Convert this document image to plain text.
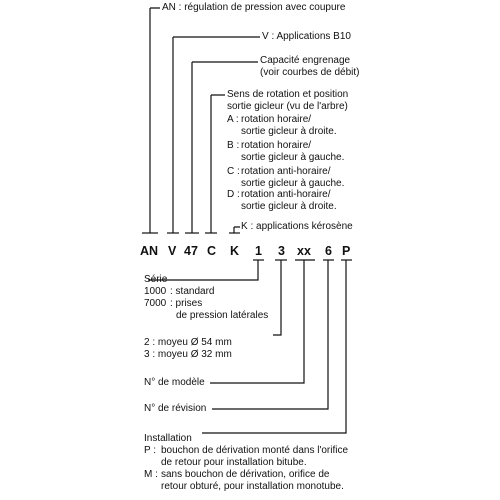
AN : régulation de pression avec coupure
V : Applications B10
Capacité engrenage
(voir courbes de débit)
Sens de rotation et position
sortie gicleur (vu de l'arbre)
A : rotation horaire/
sortie gicleur à droite.
B : rotation horaire/
sortie gicleur à gauche.
C : rotation anti-horaire/
sortie gicleur à gauche.
D : rotation anti-horaire/
sortie gicleur à droite.
K : applications kérosène
AN V 47 C K 1 3 xx 6 P
Série
1000 : standard
7000 : prises
de pression latérales
2 : moyeu Ø 54 mm
3 : moyeu Ø 32 mm
N° de modèle
N° de révision
Installation
P : bouchon de dérivation monté dans l'orifice
de retour pour installation bitube.
M : sans bouchon de dérivation, orifice de
retour obturé, pour installation monotube.
